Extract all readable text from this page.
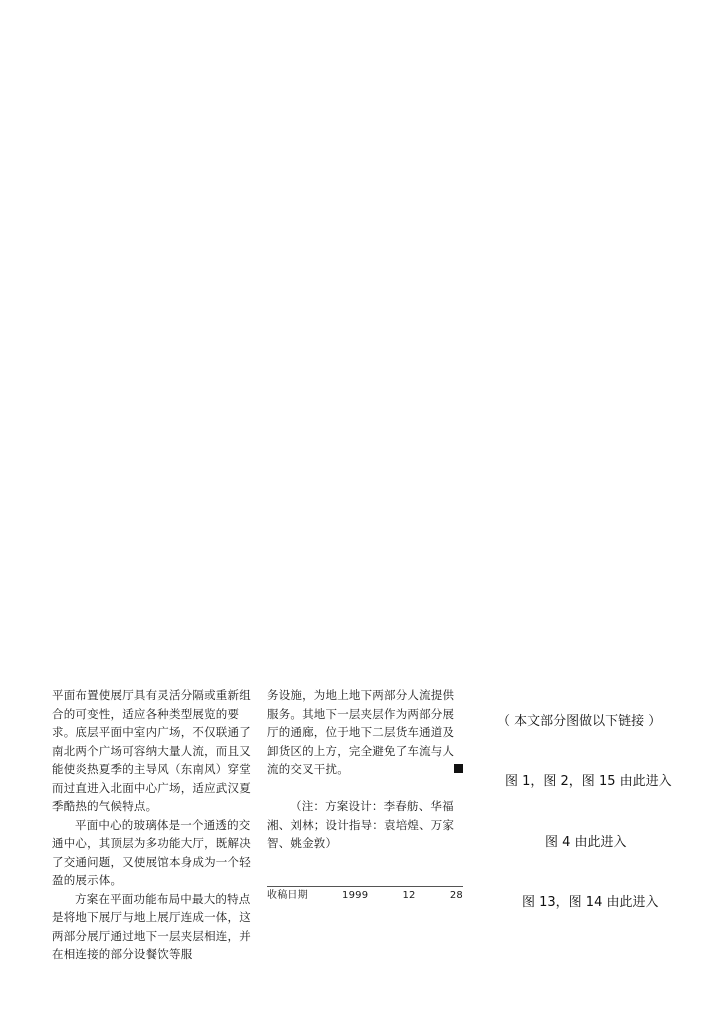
平面布置使展厅具有灵活分隔或重新组合的可变性，适应各种类型展览的要求。底层平面中室内广场，不仅联通了南北两个广场可容纳大量人流，而且又能使炎热夏季的主导风（东南风）穿堂而过直进入北面中心广场，适应武汉夏季酷热的气候特点。

平面中心的玻璃体是一个通透的交通中心，其顶层为多功能大厅，既解决了交通问题，又使展馆本身成为一个轻盈的展示体。

方案在平面功能布局中最大的特点是将地下展厅与地上展厅连成一体，这两部分展厅通过地下一层夹层相连，并在相连接的部分设餐饮等服

务设施，为地上地下两部分人流提供服务。其地下一层夹层作为两部分展厅的通廊，位于地下二层货车通道及卸货区的上方，完全避免了车流与人

流的交叉干扰。

（注：方案设计：李春舫、华福湘、刘林；设计指导：袁培煌、万家智、姚金敦）

收稿日期	1999	12	28

（ 本文部分图做以下链接 ）
图 1，图 2，图 15 由此进入
图 4 由此进入
图 13，图 14 由此进入
